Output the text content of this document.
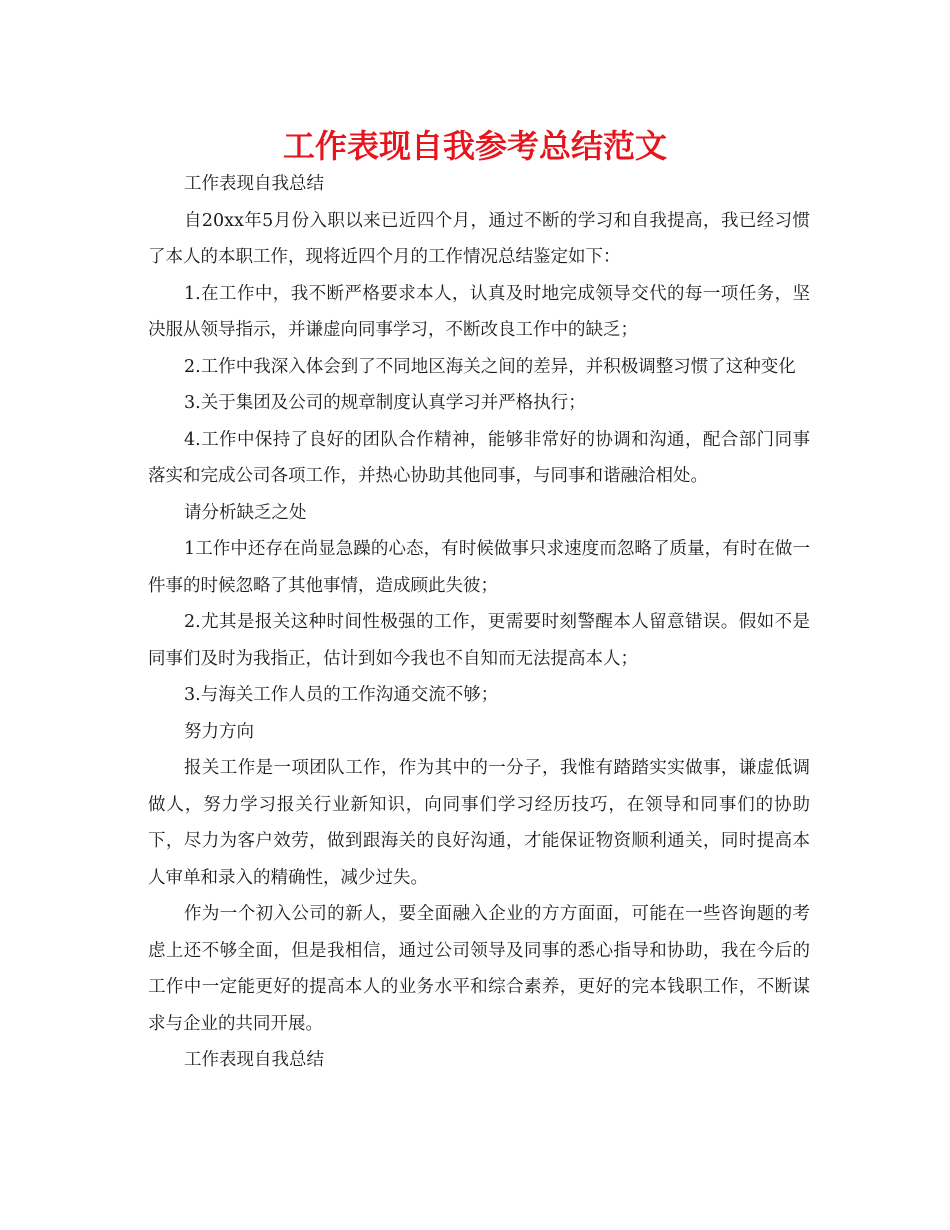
工作表现自我参考总结范文

工作表现自我总结

自20xx年5月份入职以来已近四个月，通过不断的学习和自我提高，我已经习惯了本人的本职工作，现将近四个月的工作情况总结鉴定如下：

1.在工作中，我不断严格要求本人，认真及时地完成领导交代的每一项任务，坚决服从领导指示，并谦虚向同事学习，不断改良工作中的缺乏；

2.工作中我深入体会到了不同地区海关之间的差异，并积极调整习惯了这种变化

3.关于集团及公司的规章制度认真学习并严格执行；

4.工作中保持了良好的团队合作精神，能够非常好的协调和沟通，配合部门同事落实和完成公司各项工作，并热心协助其他同事，与同事和谐融洽相处。

请分析缺乏之处

1工作中还存在尚显急躁的心态，有时候做事只求速度而忽略了质量，有时在做一件事的时候忽略了其他事情，造成顾此失彼；

2.尤其是报关这种时间性极强的工作，更需要时刻警醒本人留意错误。假如不是同事们及时为我指正，估计到如今我也不自知而无法提高本人；

3.与海关工作人员的工作沟通交流不够；

努力方向

报关工作是一项团队工作，作为其中的一分子，我惟有踏踏实实做事，谦虚低调做人，努力学习报关行业新知识，向同事们学习经历技巧，在领导和同事们的协助下，尽力为客户效劳，做到跟海关的良好沟通，才能保证物资顺利通关，同时提高本人审单和录入的精确性，减少过失。

作为一个初入公司的新人，要全面融入企业的方方面面，可能在一些咨询题的考虑上还不够全面，但是我相信，通过公司领导及同事的悉心指导和协助，我在今后的工作中一定能更好的提高本人的业务水平和综合素养，更好的完本钱职工作，不断谋求与企业的共同开展。

工作表现自我总结
